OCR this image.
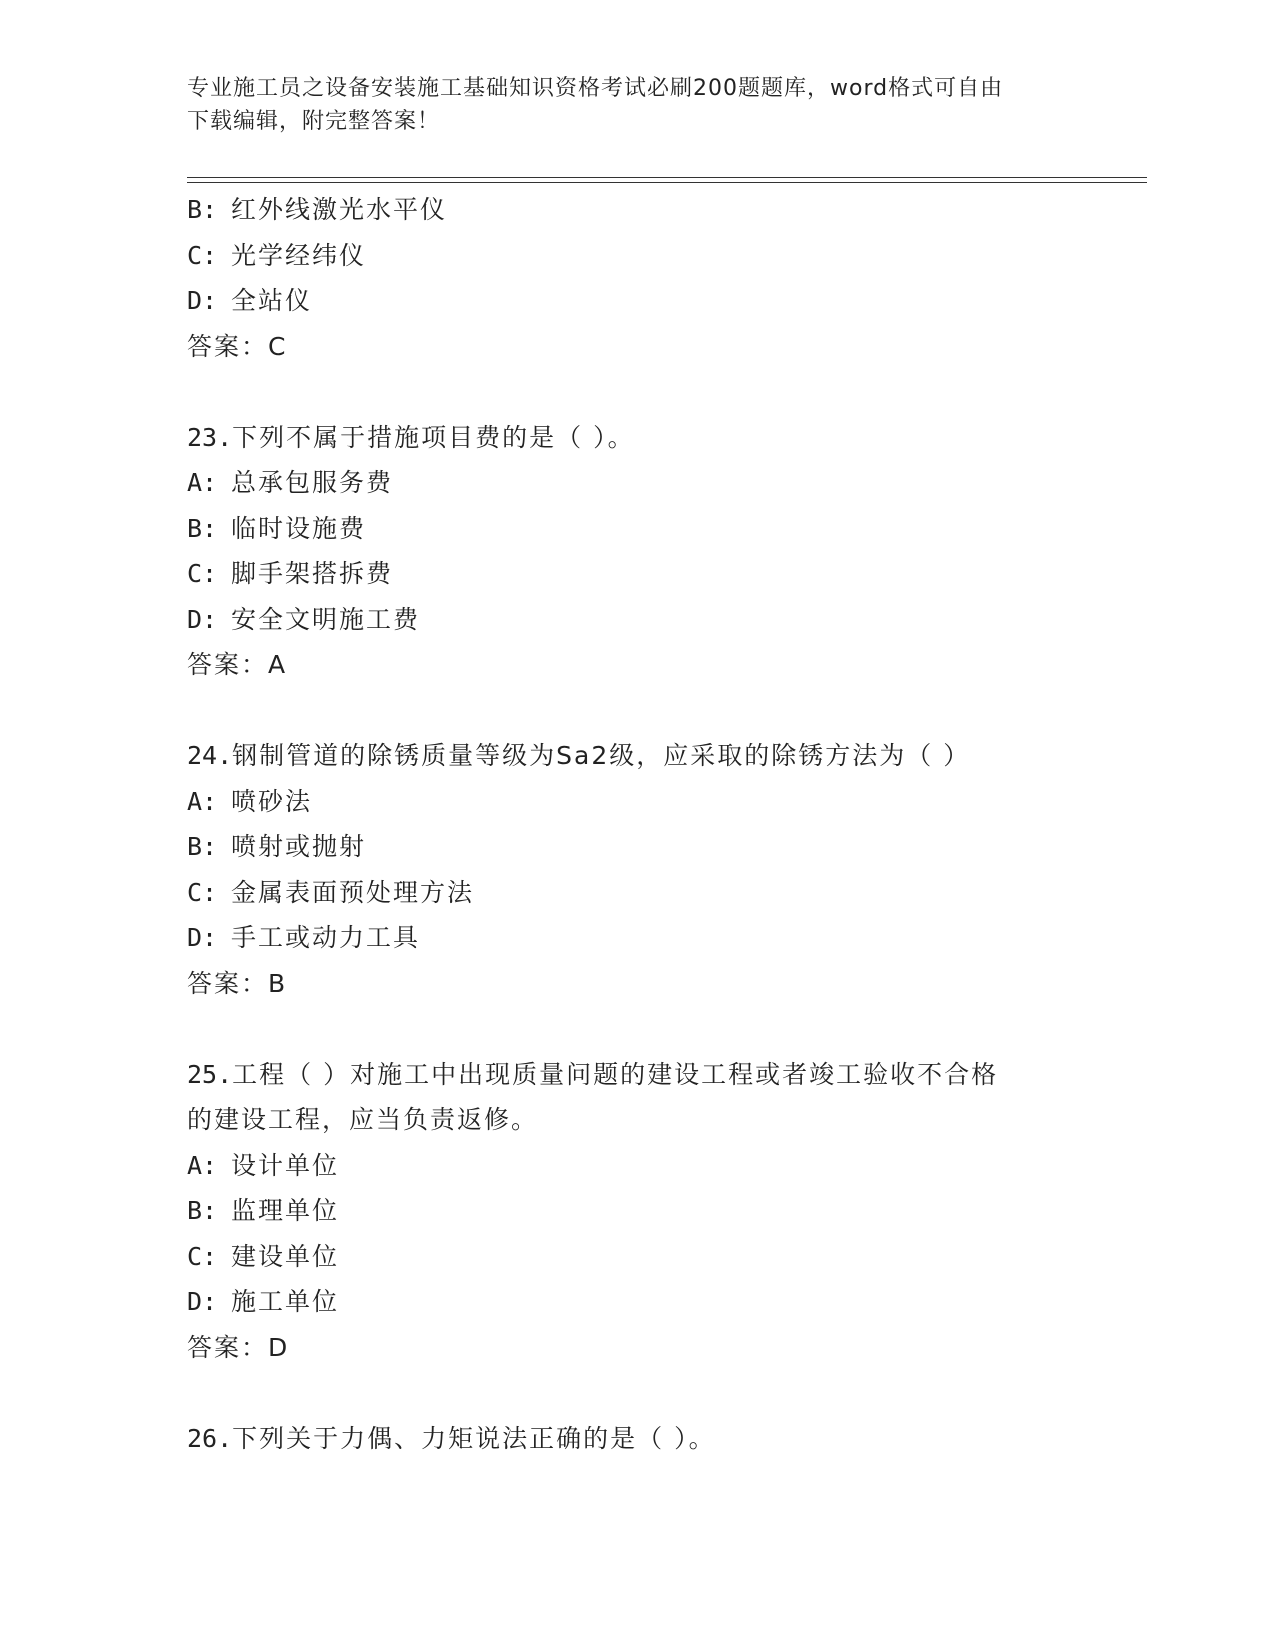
专业施工员之设备安装施工基础知识资格考试必刷200题题库，word格式可自由
下载编辑，附完整答案！
B: 红外线激光水平仪
C: 光学经纬仪
D: 全站仪
答案：C
23.下列不属于措施项目费的是（ ）。
A: 总承包服务费
B: 临时设施费
C: 脚手架搭拆费
D: 安全文明施工费
答案：A
24.钢制管道的除锈质量等级为Sa2级，应采取的除锈方法为（ ）
A: 喷砂法
B: 喷射或抛射
C: 金属表面预处理方法
D: 手工或动力工具
答案：B
25.工程（ ）对施工中出现质量问题的建设工程或者竣工验收不合格
的建设工程，应当负责返修。
A: 设计单位
B: 监理单位
C: 建设单位
D: 施工单位
答案：D
26.下列关于力偶、力矩说法正确的是（ ）。
